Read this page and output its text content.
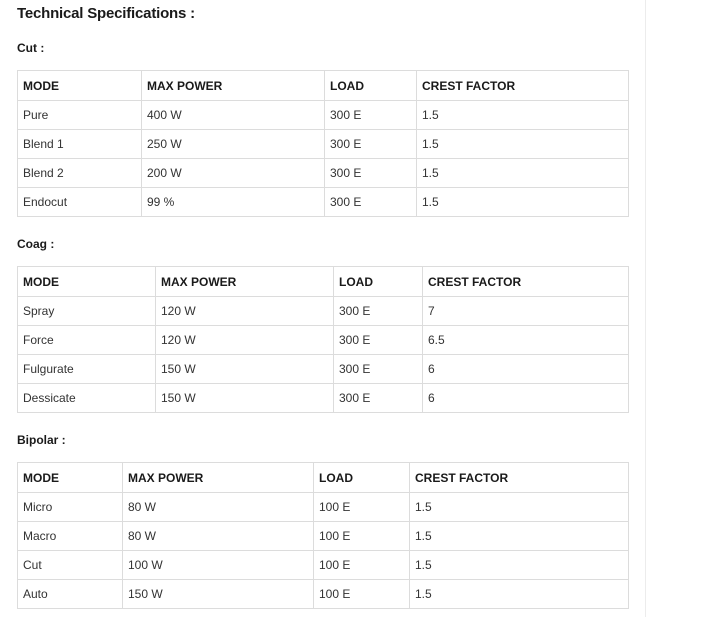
Technical Specifications :
Cut :
MODE	MAX POWER	LOAD	CREST FACTOR
Pure	400 W	300 E	1.5
Blend 1	250 W	300 E	1.5
Blend 2	200 W	300 E	1.5
Endocut	99 %	300 E	1.5
Coag :
MODE	MAX POWER	LOAD	CREST FACTOR
Spray	120 W	300 E	7
Force	120 W	300 E	6.5
Fulgurate	150 W	300 E	6
Dessicate	150 W	300 E	6
Bipolar :
MODE	MAX POWER	LOAD	CREST FACTOR
Micro	80 W	100 E	1.5
Macro	80 W	100 E	1.5
Cut	100 W	100 E	1.5
Auto	150 W	100 E	1.5
